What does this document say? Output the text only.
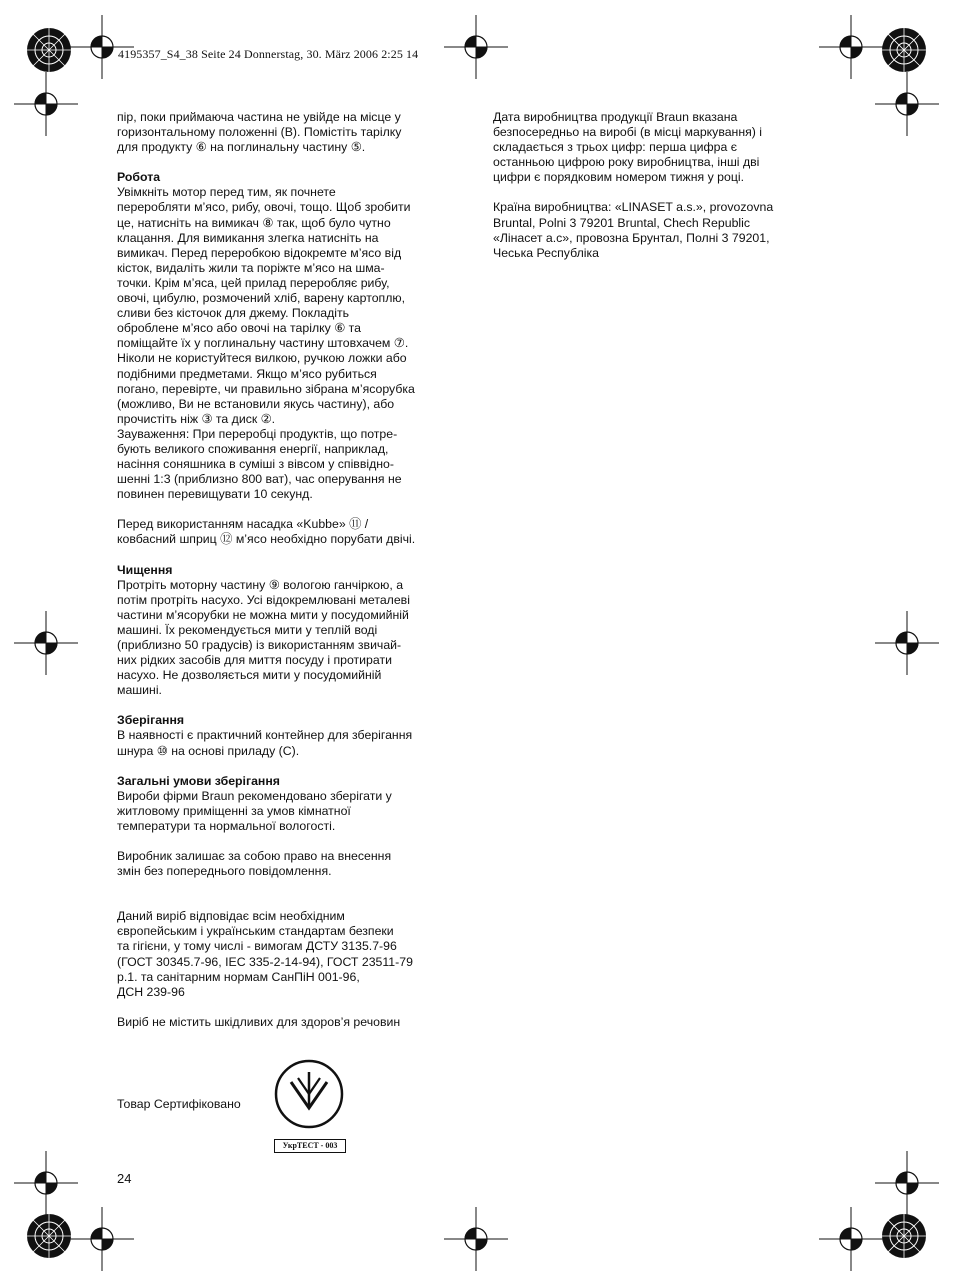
4195357_S4_38 Seite 24 Donnerstag, 30. März 2006 2:25 14

пір, поки приймаюча частина не увійде на місце у
горизонтальному положенні (B). Помістіть тарілку
для продукту ⑥ на поглинальну частину ⑤.

Робота

Увімкніть мотор перед тим, як почнете
переробляти м’ясо, рибу, овочі, тощо. Щоб зробити
це, натисніть на вимикач ⑧ так, щоб було чутно
клацання. Для вимикання злегка натисніть на
вимикач. Перед переробкою відокремте м’ясо від
кісток, видаліть жили та поріжте м’ясо на шма-
точки. Крім м’яса, цей прилад переробляє рибу,
овочі, цибулю, розмочений хліб, варену картоплю,
сливи без кісточок для джему. Покладіть
оброблене м’ясо або овочі на тарілку ⑥ та
поміщайте їх у поглинальну частину штовхачем ⑦.
Ніколи не користуйтеся вилкою, ручкою ложки або
подібними предметами. Якщо м’ясо рубиться
погано, перевірте, чи правильно зібрана м’ясорубка
(можливо, Ви не встановили якусь частину), або
прочистіть ніж ③ та диск ②.
Зауваження: При переробці продуктів, що потре-
бують великого споживання енергії, наприклад,
насіння соняшника в суміші з вівсом у співвідно-
шенні 1:3 (приблизно 800 ват), час оперування не
повинен перевищувати 10 секунд.

Перед використанням насадка «Kubbe» ⑪ /
ковбасний шприц ⑫ м’ясо необхідно порубати двічі.

Чищення

Протріть моторну частину ⑨ вологою ганчіркою, а
потім протріть насухо. Усі відокремлювані металеві
частини м’ясорубки не можна мити у посудомийній
машині. Їх рекомендується мити у теплій воді
(приблизно 50 градусів) із використанням звичай-
них рідких засобів для миття посуду і протирати
насухо. Не дозволяється мити у посудомийній
машині.

Зберігання

В наявності є практичний контейнер для зберігання
шнура ⑩ на основі приладу (C).

Загальні умови зберігання

Вироби фірми Braun рекомендовано зберігати у
житловому приміщенні за умов кімнатної
температури та нормальної вологості.

Виробник залишає за собою право на внесення
змін без попереднього повідомлення.

Даний виріб відповідає всім необхідним
європейським і українським стандартам безпеки
та гігієни, у тому числі - вимогам ДСТУ 3135.7-96
(ГОСТ 30345.7-96, IEC 335-2-14-94), ГОСТ 23511-79
р.1. та санітарним нормам СанПіН 001-96,
ДСН 239-96

Виріб не містить шкідливих для здоров’я речовин

Дата виробництва продукції Braun вказана
безпосередньо на виробі (в місці маркування) і
складається з трьох цифр: перша цифра є
останньою цифрою року виробництва, інші дві
цифри є порядковим номером тижня у році.

Країна виробництва: «LINASET a.s.», provozovna
Bruntal, Polni 3 79201 Bruntal, Chech Republic
«Лінасет а.с», провозна Брунтал, Полні 3 79201,
Чеська Республіка

Товар Сертифіковано
УкрТЕСТ - 003
24
